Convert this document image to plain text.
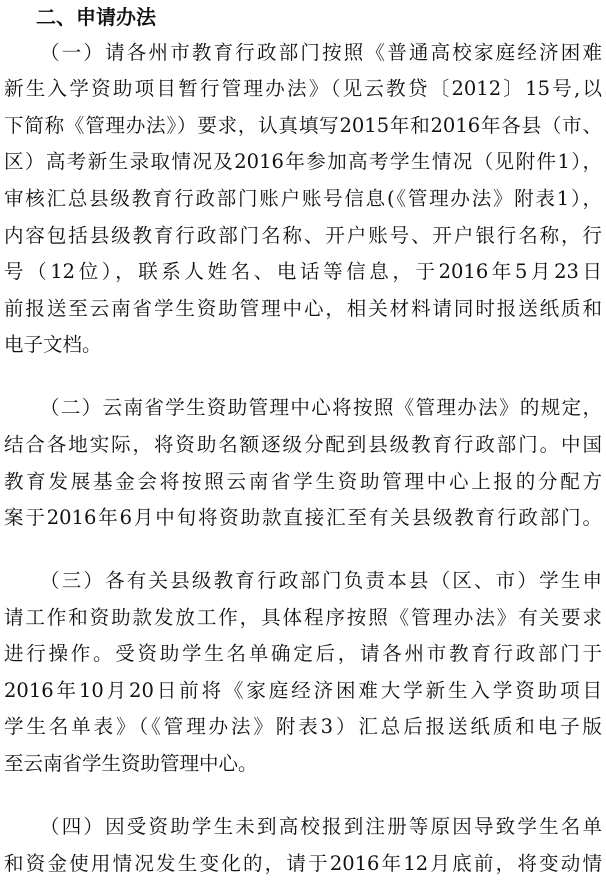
二、申请办法
（一）请各州市教育行政部门按照《普通高校家庭经济困难
新生入学资助项目暂行管理办法》（见云教贷〔2012〕15号,以
下简称《管理办法》）要求，认真填写2015年和2016年各县（市、
区）高考新生录取情况及2016年参加高考学生情况（见附件1），
审核汇总县级教育行政部门账户账号信息(《管理办法》附表1），
内容包括县级教育行政部门名称、开户账号、开户银行名称，行
号（12位），联系人姓名、电话等信息，于2016年5月23日
前报送至云南省学生资助管理中心，相关材料请同时报送纸质和
电子文档。
（二）云南省学生资助管理中心将按照《管理办法》的规定，
结合各地实际，将资助名额逐级分配到县级教育行政部门。中国
教育发展基金会将按照云南省学生资助管理中心上报的分配方
案于2016年6月中旬将资助款直接汇至有关县级教育行政部门。
（三）各有关县级教育行政部门负责本县（区、市）学生申
请工作和资助款发放工作，具体程序按照《管理办法》有关要求
进行操作。受资助学生名单确定后，请各州市教育行政部门于
2016年10月20日前将《家庭经济困难大学新生入学资助项目
学生名单表》（《管理办法》附表3）汇总后报送纸质和电子版
至云南省学生资助管理中心。
（四）因受资助学生未到高校报到注册等原因导致学生名单
和资金使用情况发生变化的，请于2016年12月底前，将变动情
